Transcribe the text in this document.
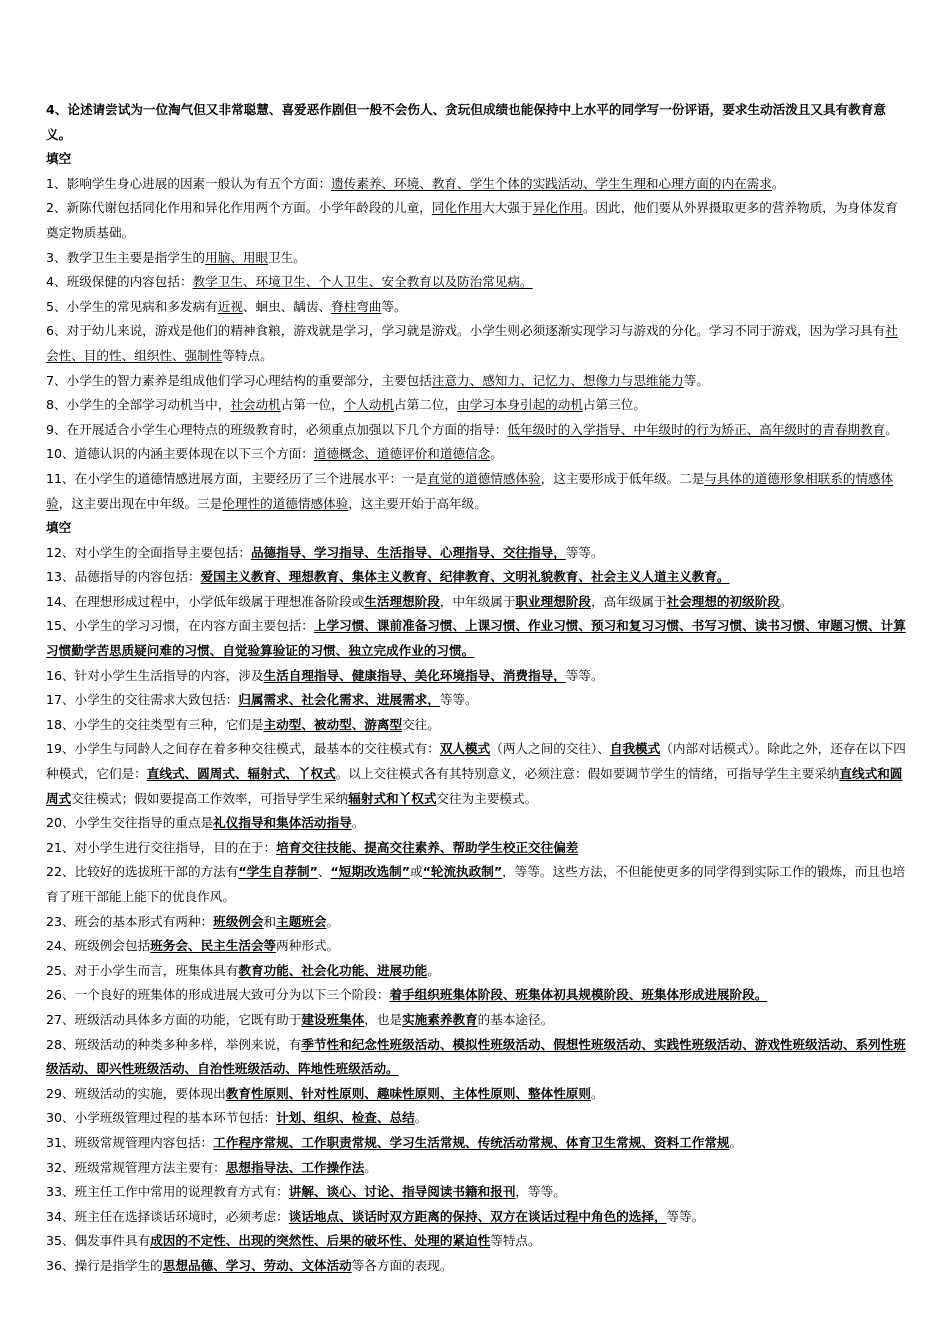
4、论述请尝试为一位淘气但又非常聪慧、喜爱恶作剧但一般不会伤人、贪玩但成绩也能保持中上水平的同学写一份评语，要求生动活泼且又具有教育意义。
填空
1、影响学生身心进展的因素一般认为有五个方面：遗传素养、环境、教育、学生个体的实践活动、学生生理和心理方面的内在需求。
2、新陈代谢包括同化作用和异化作用两个方面。小学年龄段的儿童，同化作用大大强于异化作用。因此，他们要从外界摄取更多的营养物质，为身体发育奠定物质基础。
3、教学卫生主要是指学生的用脑、用眼卫生。
4、班级保健的内容包括：教学卫生、环境卫生、个人卫生、安全教育以及防治常见病。
5、小学生的常见病和多发病有近视、蛔虫、龋齿、脊柱弯曲等。
6、对于幼儿来说，游戏是他们的精神食粮，游戏就是学习，学习就是游戏。小学生则必须逐渐实现学习与游戏的分化。学习不同于游戏，因为学习具有社会性、目的性、组织性、强制性等特点。
7、小学生的智力素养是组成他们学习心理结构的重要部分，主要包括注意力、感知力、记忆力、想像力与思维能力等。
8、小学生的全部学习动机当中，社会动机占第一位，个人动机占第二位，由学习本身引起的动机占第三位。
9、在开展适合小学生心理特点的班级教育时，必须重点加强以下几个方面的指导：低年级时的入学指导、中年级时的行为矫正、高年级时的青春期教育。
10、道德认识的内涵主要体现在以下三个方面：道德概念、道德评价和道德信念。
11、在小学生的道德情感进展方面，主要经历了三个进展水平：一是直觉的道德情感体验，这主要形成于低年级。二是与具体的道德形象相联系的情感体验，这主要出现在中年级。三是伦理性的道德情感体验，这主要开始于高年级。
填空
12、对小学生的全面指导主要包括：品德指导、学习指导、生活指导、心理指导、交往指导，等等。
13、品德指导的内容包括：爱国主义教育、理想教育、集体主义教育、纪律教育、文明礼貌教育、社会主义人道主义教育。
14、在理想形成过程中，小学低年级属于理想准备阶段或生活理想阶段，中年级属于职业理想阶段，高年级属于社会理想的初级阶段。
15、小学生的学习习惯，在内容方面主要包括：上学习惯、课前准备习惯、上课习惯、作业习惯、预习和复习习惯、书写习惯、读书习惯、审题习惯、计算习惯勤学苦思质疑问难的习惯、自觉验算验证的习惯、独立完成作业的习惯。
16、针对小学生生活指导的内容，涉及生活自理指导、健康指导、美化环境指导、消费指导，等等。
17、小学生的交往需求大致包括：归属需求、社会化需求、进展需求，等等。
18、小学生的交往类型有三种，它们是主动型、被动型、游离型交往。
19、小学生与同龄人之间存在着多种交往模式，最基本的交往模式有：双人模式（两人之间的交往）、自我模式（内部对话模式）。除此之外，还存在以下四种模式，它们是：直线式、圆周式、辐射式、丫权式。以上交往模式各有其特别意义，必须注意：假如要调节学生的情绪，可指导学生主要采纳直线式和圆周式交往模式；假如要提高工作效率，可指导学生采纳辐射式和丫权式交往为主要模式。
20、小学生交往指导的重点是礼仪指导和集体活动指导。
21、对小学生进行交往指导，目的在于：培育交往技能、提高交往素养、帮助学生校正交往偏差
22、比较好的选拔班干部的方法有“学生自荐制”、“短期改选制”或“轮流执政制”，等等。这些方法，不但能使更多的同学得到实际工作的锻炼，而且也培育了班干部能上能下的优良作风。
23、班会的基本形式有两种：班级例会和主题班会。
24、班级例会包括班务会、民主生活会等两种形式。
25、对于小学生而言，班集体具有教育功能、社会化功能、进展功能。
26、一个良好的班集体的形成进展大致可分为以下三个阶段：着手组织班集体阶段、班集体初具规模阶段、班集体形成进展阶段。
27、班级活动具体多方面的功能，它既有助于建设班集体，也是实施素养教育的基本途径。
28、班级活动的种类多种多样，举例来说，有季节性和纪念性班级活动、模拟性班级活动、假想性班级活动、实践性班级活动、游戏性班级活动、系列性班级活动、即兴性班级活动、自治性班级活动、阵地性班级活动。
29、班级活动的实施，要体现出教育性原则、针对性原则、趣味性原则、主体性原则、整体性原则。
30、小学班级管理过程的基本环节包括：计划、组织、检查、总结。
31、班级常规管理内容包括：工作程序常规、工作职责常规、学习生活常规、传统活动常规、体育卫生常规、资料工作常规。
32、班级常规管理方法主要有：思想指导法、工作操作法。
33、班主任工作中常用的说理教育方式有：讲解、谈心、讨论、指导阅读书籍和报刊，等等。
34、班主任在选择谈话环境时，必须考虑：谈话地点、谈话时双方距离的保持、双方在谈话过程中角色的选择，等等。
35、偶发事件具有成因的不定性、出现的突然性、后果的破坏性、处理的紧迫性等特点。
36、操行是指学生的思想品德、学习、劳动、文体活动等各方面的表现。
